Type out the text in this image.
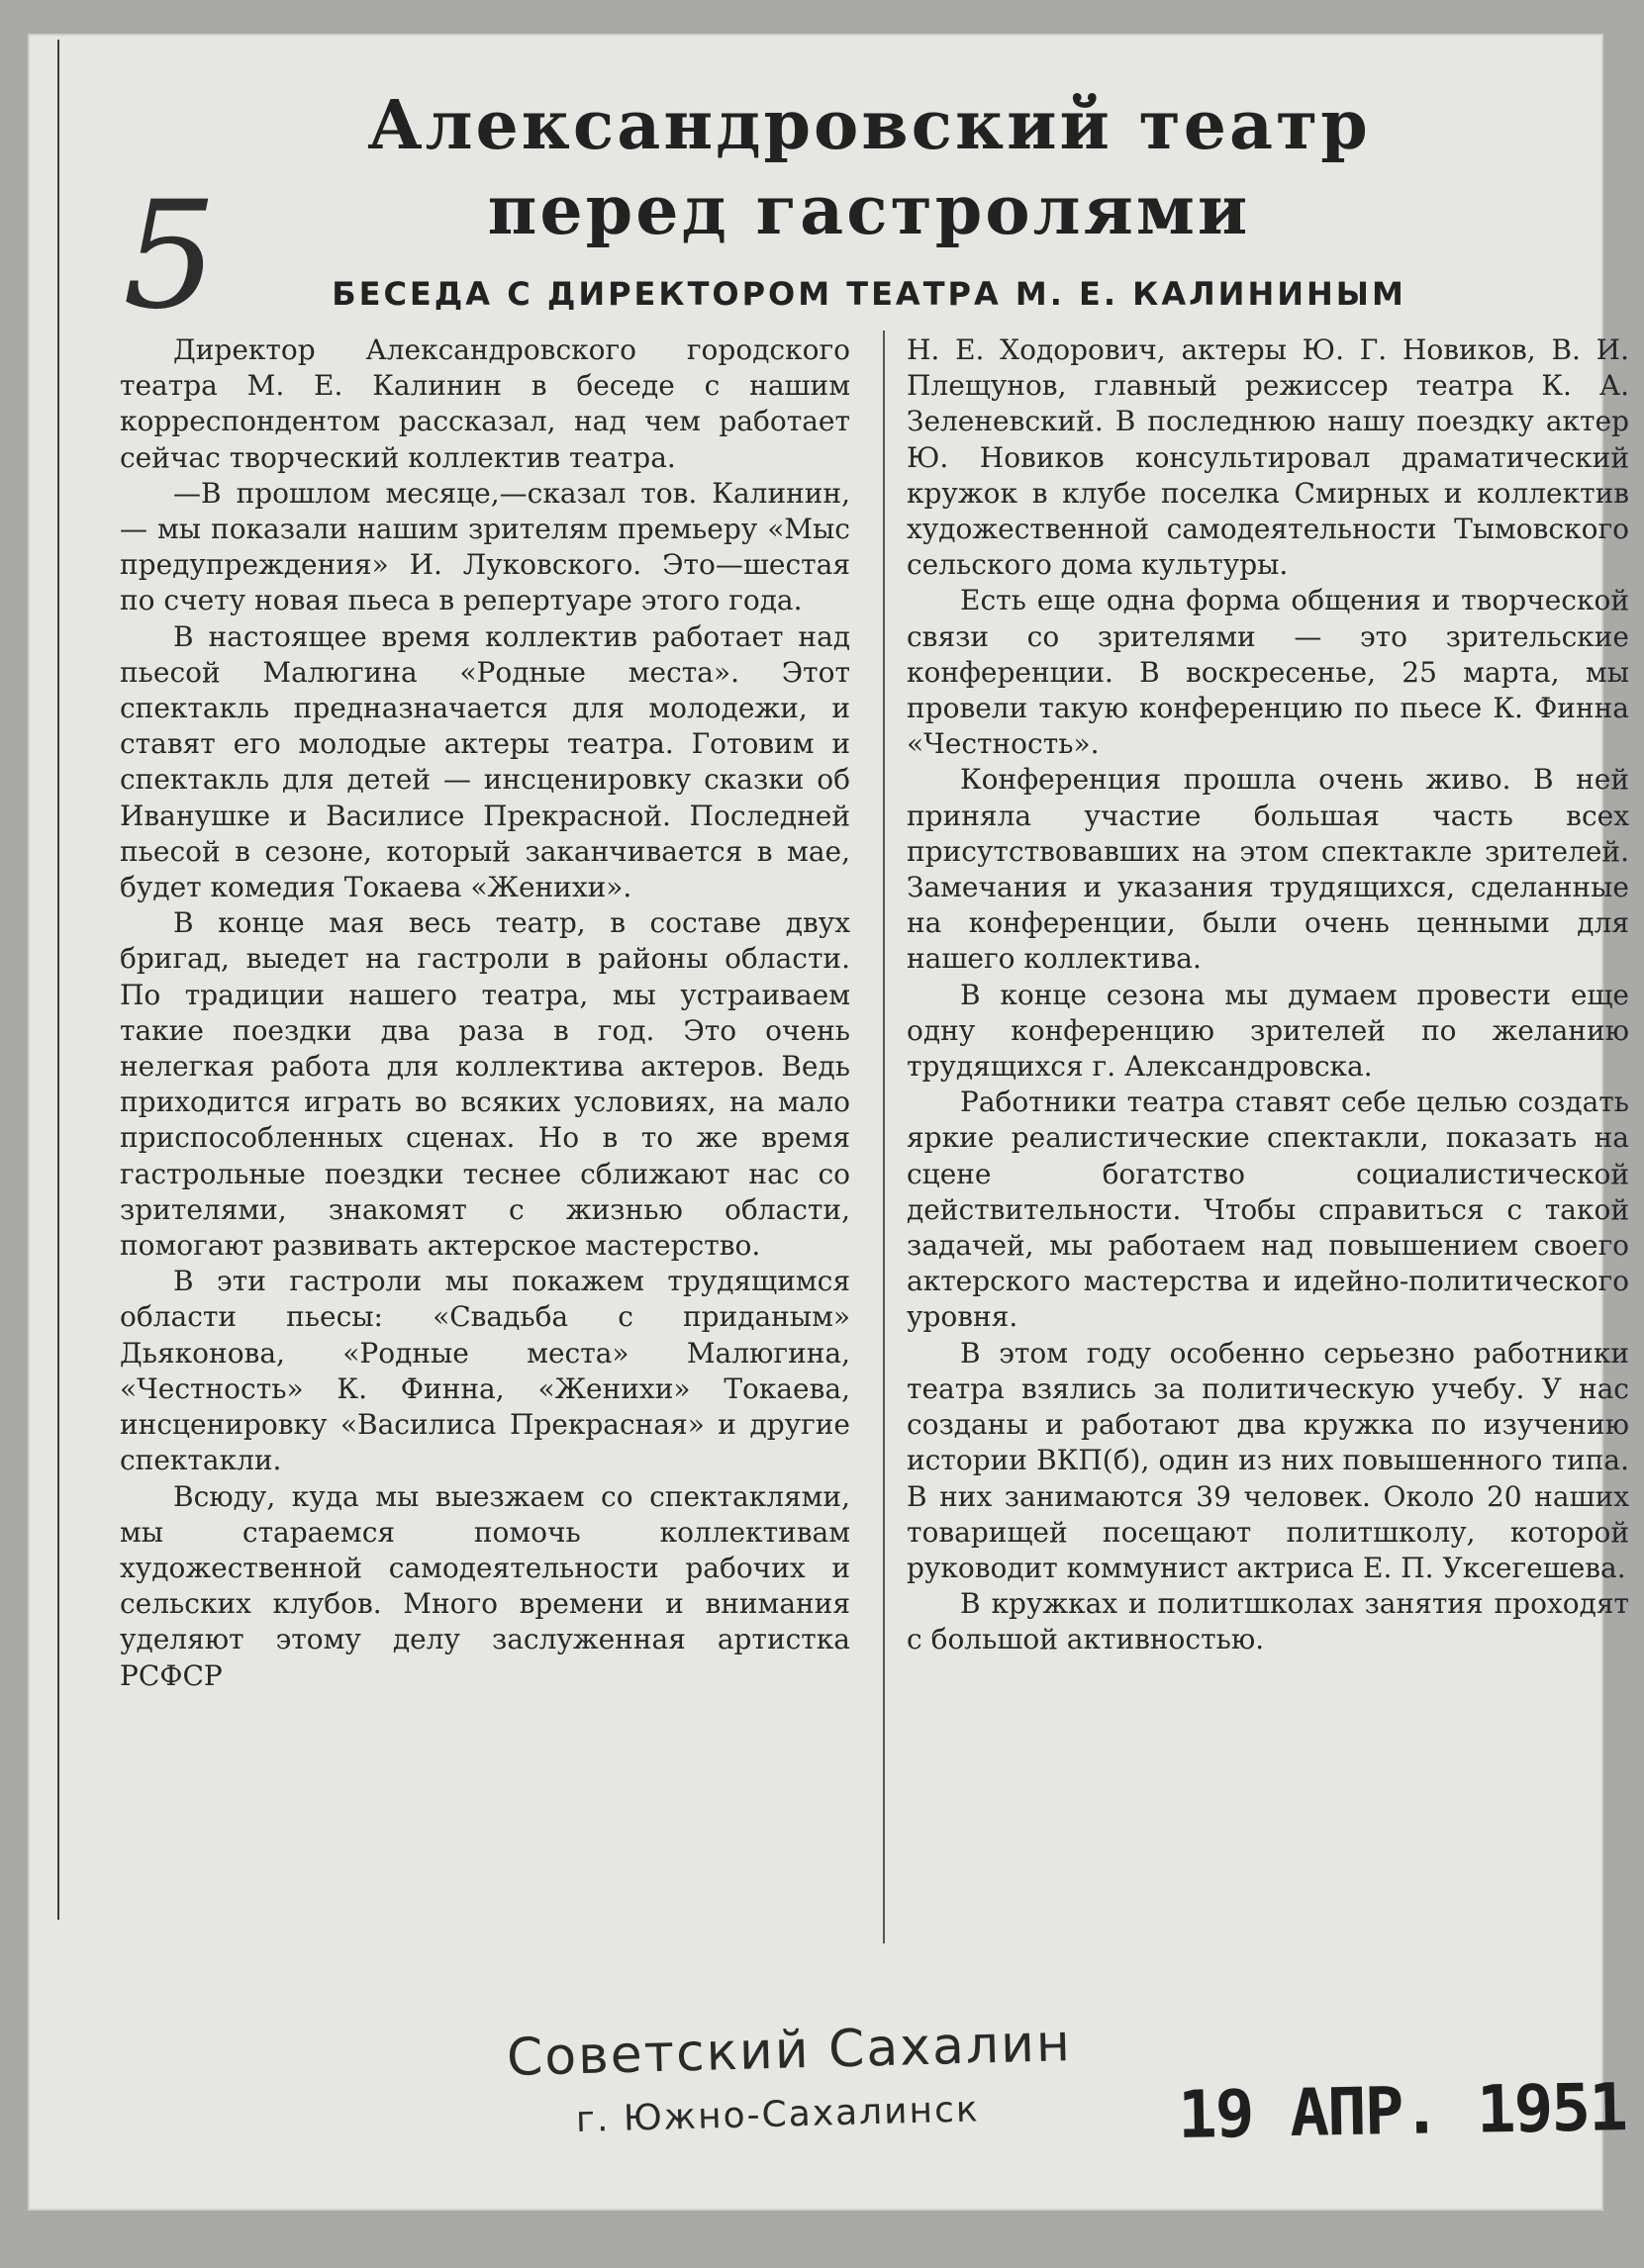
5
Александровский театр
перед гастролями
БЕСЕДА С ДИРЕКТОРОМ ТЕАТРА М. Е. КАЛИНИНЫМ

Директор Александровского городского театра М. Е. Калинин в беседе с нашим корреспондентом рассказал, над чем работает сейчас творческий коллектив театра.

—В прошлом месяце,—сказал тов. Калинин, — мы показали нашим зрителям премьеру «Мыс предупреждения» И. Луковского. Это—шестая по счету новая пьеса в репертуаре этого года.

В настоящее время коллектив работает над пьесой Малюгина «Родные места». Этот спектакль предназначается для молодежи, и ставят его молодые актеры театра. Готовим и спектакль для детей — инсценировку сказки об Иванушке и Василисе Прекрасной. Последней пьесой в сезоне, который заканчивается в мае, будет комедия Токаева «Женихи».

В конце мая весь театр, в составе двух бригад, выедет на гастроли в районы области. По традиции нашего театра, мы устраиваем такие поездки два раза в год. Это очень нелегкая работа для коллектива актеров. Ведь приходится играть во всяких условиях, на мало приспособленных сценах. Но в то же время гастрольные поездки теснее сближают нас со зрителями, знакомят с жизнью области, помогают развивать актерское мастерство.

В эти гастроли мы покажем трудящимся области пьесы: «Свадьба с приданым» Дьяконова, «Родные места» Малюгина, «Честность» К. Финна, «Женихи» Токаева, инсценировку «Василиса Прекрасная» и другие спектакли.

Всюду, куда мы выезжаем со спектаклями, мы стараемся помочь коллективам художественной самодеятельности рабочих и сельских клубов. Много времени и внимания уделяют этому делу заслуженная артистка РСФСР

Н. Е. Ходорович, актеры Ю. Г. Новиков, В. И. Плещунов, главный режиссер театра К. А. Зеленевский. В последнюю нашу поездку актер Ю. Новиков консультировал драматический кружок в клубе поселка Смирных и коллектив художественной самодеятельности Тымовского сельского дома культуры.

Есть еще одна форма общения и творческой связи со зрителями — это зрительские конференции. В воскресенье, 25 марта, мы провели такую конференцию по пьесе К. Финна «Честность».

Конференция прошла очень живо. В ней приняла участие большая часть всех присутствовавших на этом спектакле зрителей. Замечания и указания трудящихся, сделанные на конференции, были очень ценными для нашего коллектива.

В конце сезона мы думаем провести еще одну конференцию зрителей по желанию трудящихся г. Александровска.

Работники театра ставят себе целью создать яркие реалистические спектакли, показать на сцене богатство социалистической действительности. Чтобы справиться с такой задачей, мы работаем над повышением своего актерского мастерства и идейно-политического уровня.

В этом году особенно серьезно работники театра взялись за политическую учебу. У нас созданы и работают два кружка по изучению истории ВКП(б), один из них повышенного типа. В них занимаются 39 человек. Около 20 наших товарищей посещают политшколу, которой руководит коммунист актриса Е. П. Уксегешева.

В кружках и политшколах занятия проходят с большой активностью.

Советский Сахалин
г. Южно-Сахалинск	19 АПР. 1951
